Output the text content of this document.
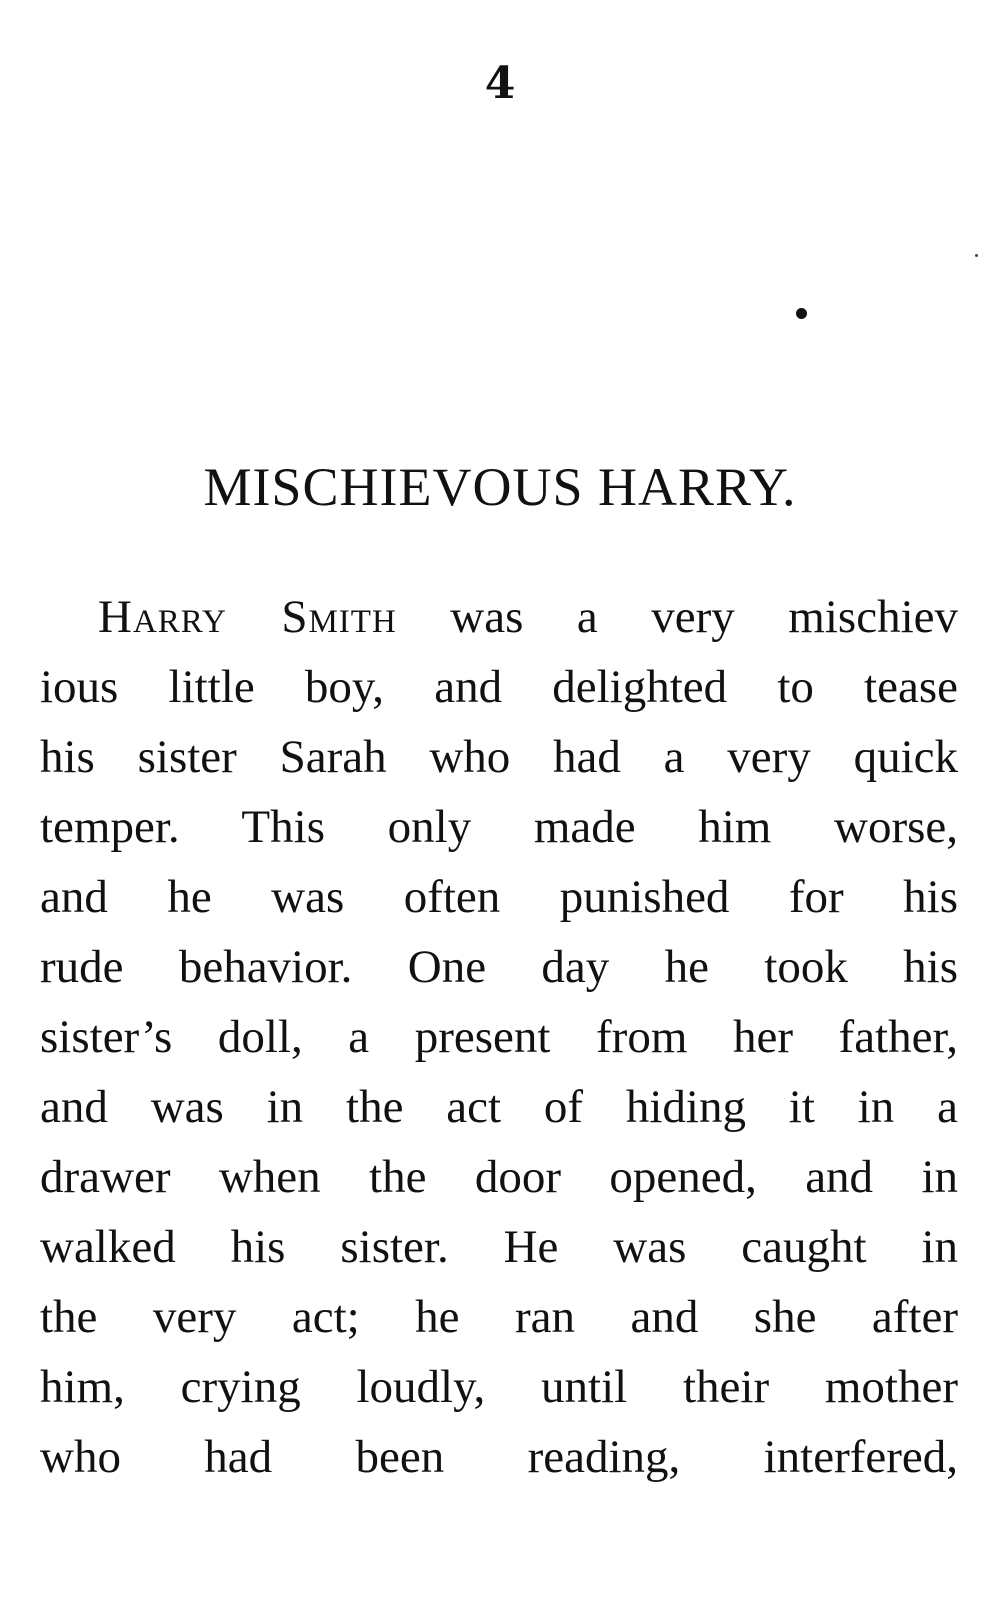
4
MISCHIEVOUS HARRY.
Harry Smith was a very mischiev
ious little boy, and delighted to tease
his sister Sarah who had a very quick
temper. This only made him worse,
and he was often punished for his
rude behavior. One day he took his
sister’s doll, a present from her father,
and was in the act of hiding it in a
drawer when the door opened, and in
walked his sister. He was caught in
the very act; he ran and she after
him, crying loudly, until their mother
who had been reading, interfered,
